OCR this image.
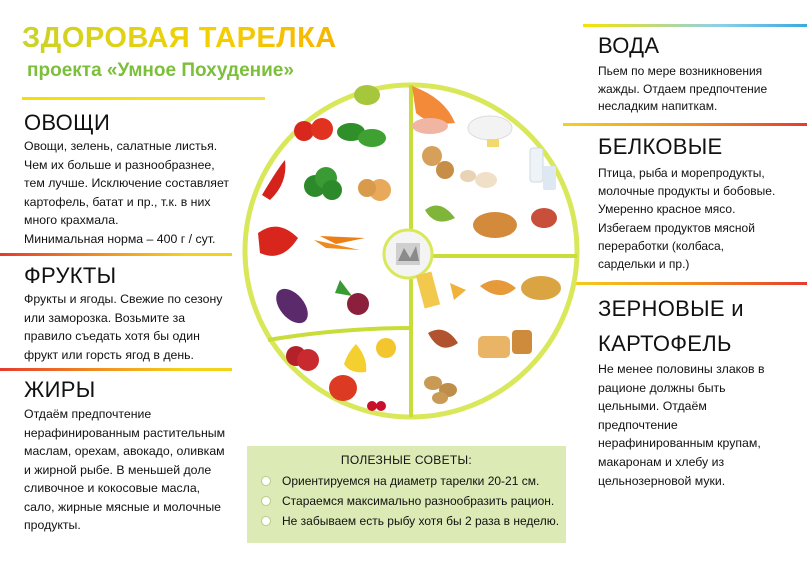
ЗДОРОВАЯ ТАРЕЛКА
проекта «Умное Похудение»
ОВОЩИ
Овощи, зелень, салатные листья.
Чем их больше и разнообразнее,
тем лучше. Исключение составляет
картофель, батат и пр., т.к. в них
много крахмала.
Минимальная норма – 400 г / сут.
ФРУКТЫ
Фрукты и ягоды. Свежие по сезону
или заморозка. Возьмите за
правило съедать хотя бы один
фрукт или горсть ягод в день.
ЖИРЫ
Отдаём предпочтение
нерафинированным растительным
маслам, орехам, авокадо, оливкам
и жирной рыбе. В меньшей доле
сливочное и кокосовые масла,
сало, жирные мясные и молочные
продукты.
ВОДА
Пьем по мере возникновения
жажды. Отдаем предпочтение
несладким напиткам.
БЕЛКОВЫЕ
Птица, рыба и морепродукты,
молочные продукты и бобовые.
Умеренно красное мясо.
Избегаем продуктов мясной
переработки (колбаса,
сардельки и пр.)
ЗЕРНОВЫЕ и
КАРТОФЕЛЬ
Не менее половины злаков в
рационе должны быть
цельными. Отдаём
предпочтение
нерафинированным крупам,
макаронам и хлебу из
цельнозерновой муки.
ПОЛЕЗНЫЕ СОВЕТЫ:
Ориентируемся на диаметр тарелки 20-21 см.
Стараемся максимально разнообразить рацион.
Не забываем есть рыбу хотя бы 2 раза в неделю.
